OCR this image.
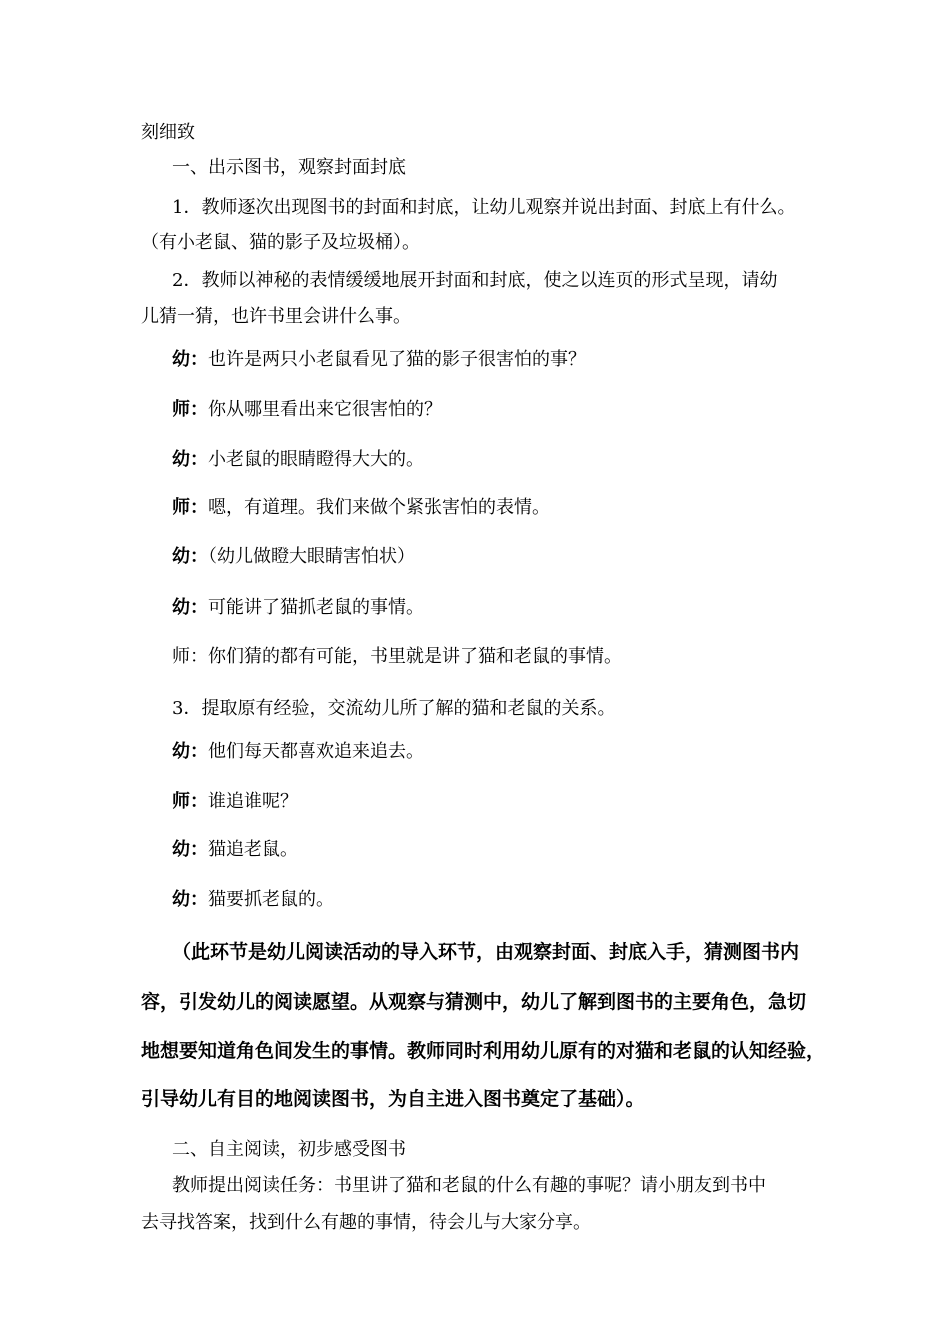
刻细致
一、出示图书，观察封面封底
1．教师逐次出现图书的封面和封底，让幼儿观察并说出封面、封底上有什么。
（有小老鼠、猫的影子及垃圾桶）。
2．教师以神秘的表情缓缓地展开封面和封底，使之以连页的形式呈现，请幼
儿猜一猜，也许书里会讲什么事。
幼：也许是两只小老鼠看见了猫的影子很害怕的事？
师：你从哪里看出来它很害怕的？
幼：小老鼠的眼睛瞪得大大的。
师：嗯，有道理。我们来做个紧张害怕的表情。
幼：（幼儿做瞪大眼睛害怕状）
幼：可能讲了猫抓老鼠的事情。
师：你们猜的都有可能，书里就是讲了猫和老鼠的事情。
3．提取原有经验，交流幼儿所了解的猫和老鼠的关系。
幼：他们每天都喜欢追来追去。
师：谁追谁呢？
幼：猫追老鼠。
幼：猫要抓老鼠的。
（此环节是幼儿阅读活动的导入环节，由观察封面、封底入手，猜测图书内
容，引发幼儿的阅读愿望。从观察与猜测中，幼儿了解到图书的主要角色，急切
地想要知道角色间发生的事情。教师同时利用幼儿原有的对猫和老鼠的认知经验，
引导幼儿有目的地阅读图书，为自主进入图书奠定了基础）。
二、自主阅读，初步感受图书
教师提出阅读任务：书里讲了猫和老鼠的什么有趣的事呢？请小朋友到书中
去寻找答案，找到什么有趣的事情，待会儿与大家分享。
